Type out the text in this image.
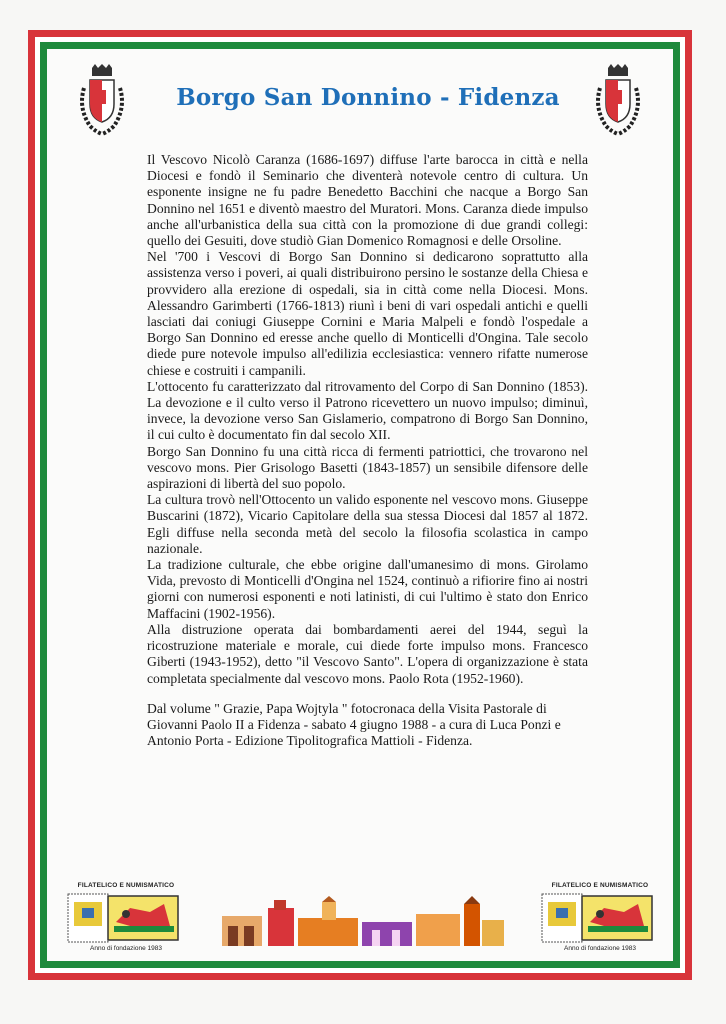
Borgo San Donnino - Fidenza

Il Vescovo Nicolò Caranza (1686-1697) diffuse l'arte barocca in città e nella Diocesi e fondò il Seminario che diventerà notevole centro di cultura. Un esponente insigne ne fu padre Benedetto Bacchini che nacque a Borgo San Donnino nel 1651 e diventò maestro del Muratori. Mons. Caranza diede impulso anche all'urbanistica della sua città con la promozione di due grandi collegi: quello dei Gesuiti, dove studiò Gian Domenico Romagnosi e delle Orsoline.

Nel '700 i Vescovi di Borgo San Donnino si dedicarono soprattutto alla assistenza verso i poveri, ai quali distribuirono persino le sostanze della Chiesa e provvidero alla erezione di ospedali, sia in città come nella Diocesi. Mons. Alessandro Garimberti (1766-1813) riunì i beni di vari ospedali antichi e quelli lasciati dai coniugi Giuseppe Cornini e Maria Malpeli e fondò l'ospedale a Borgo San Donnino ed eresse anche quello di Monticelli d'Ongina. Tale secolo diede pure notevole impulso all'edilizia ecclesiastica: vennero rifatte numerose chiese e costruiti i campanili.

L'ottocento fu caratterizzato dal ritrovamento del Corpo di San Donnino (1853). La devozione e il culto verso il Patrono ricevettero un nuovo impulso; diminuì, invece, la devozione verso San Gislamerio, compatrono di Borgo San Donnino, il cui culto è documentato fin dal secolo XII.

Borgo San Donnino fu una città ricca di fermenti patriottici, che trovarono nel vescovo mons. Pier Grisologo Basetti (1843-1857) un sensibile difensore delle aspirazioni di libertà del suo popolo.

La cultura trovò nell'Ottocento un valido esponente nel vescovo mons. Giuseppe Buscarini (1872), Vicario Capitolare della sua stessa Diocesi dal 1857 al 1872. Egli diffuse nella seconda metà del secolo la filosofia scolastica in campo nazionale.

La tradizione culturale, che ebbe origine dall'umanesimo di mons. Girolamo Vida, prevosto di Monticelli d'Ongina nel 1524, continuò a rifiorire fino ai nostri giorni con numerosi esponenti e noti latinisti, di cui l'ultimo è stato don Enrico Maffacini (1902-1956).

Alla distruzione operata dai bombardamenti aerei del 1944, seguì la ricostruzione materiale e morale, cui diede forte impulso mons. Francesco Giberti (1943-1952), detto "il Vescovo Santo". L'opera di organizzazione è stata completata specialmente dal vescovo mons. Paolo Rota (1952-1960).

Dal volume " Grazie, Papa Wojtyla " fotocronaca della Visita Pastorale di Giovanni Paolo II a Fidenza - sabato 4 giugno 1988 - a cura di Luca Ponzi e Antonio Porta - Edizione Tipolitografica Mattioli - Fidenza.

FILATELICO E NUMISMATICO
Anno di fondazione 1983
FILATELICO E NUMISMATICO
Anno di fondazione 1983
